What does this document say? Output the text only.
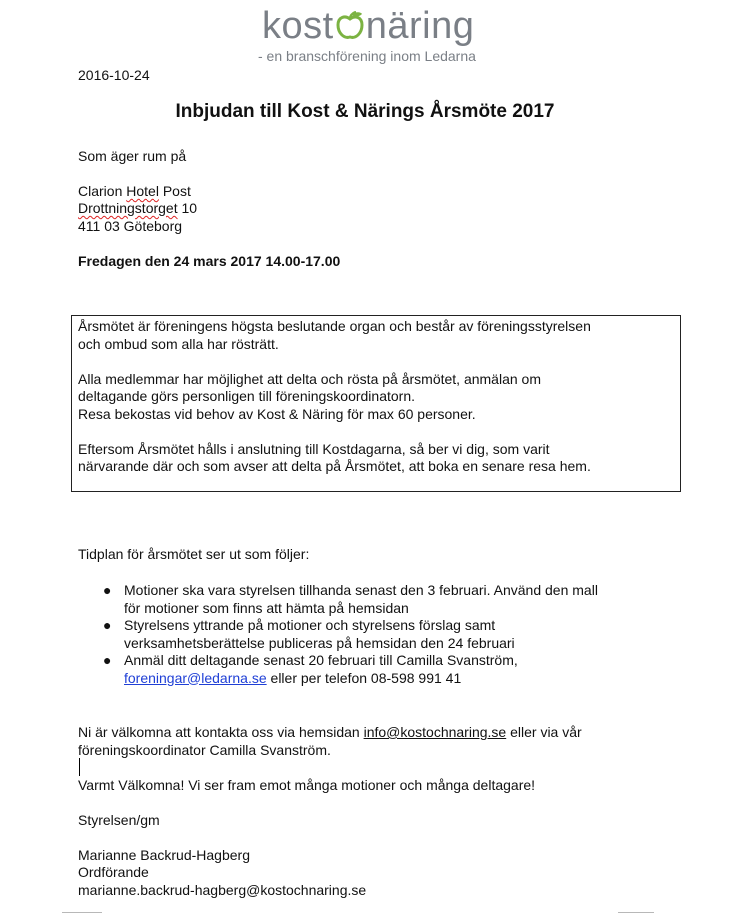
kost näring
- en branschförening inom Ledarna
2016-10-24
Inbjudan till Kost & Närings Årsmöte 2017
Som äger rum på
Clarion Hotel Post
Drottningstorget 10
411 03 Göteborg
Fredagen den 24 mars 2017 14.00-17.00
Årsmötet är föreningens högsta beslutande organ och består av föreningsstyrelsen
och ombud som alla har rösträtt.
Alla medlemmar har möjlighet att delta och rösta på årsmötet, anmälan om
deltagande görs personligen till föreningskoordinatorn.
Resa bekostas vid behov av Kost & Näring för max 60 personer.
Eftersom Årsmötet hålls i anslutning till Kostdagarna, så ber vi dig, som varit
närvarande där och som avser att delta på Årsmötet, att boka en senare resa hem.
Tidplan för årsmötet ser ut som följer:
● Motioner ska vara styrelsen tillhanda senast den 3 februari. Använd den mall
för motioner som finns att hämta på hemsidan
● Styrelsens yttrande på motioner och styrelsens förslag samt
verksamhetsberättelse publiceras på hemsidan den 24 februari
● Anmäl ditt deltagande senast 20 februari till Camilla Svanström,
foreningar@ledarna.se eller per telefon 08-598 991 41
Ni är välkomna att kontakta oss via hemsidan info@kostochnaring.se eller via vår
föreningskoordinator Camilla Svanström.
Varmt Välkomna! Vi ser fram emot många motioner och många deltagare!
Styrelsen/gm
Marianne Backrud-Hagberg
Ordförande
marianne.backrud-hagberg@kostochnaring.se
